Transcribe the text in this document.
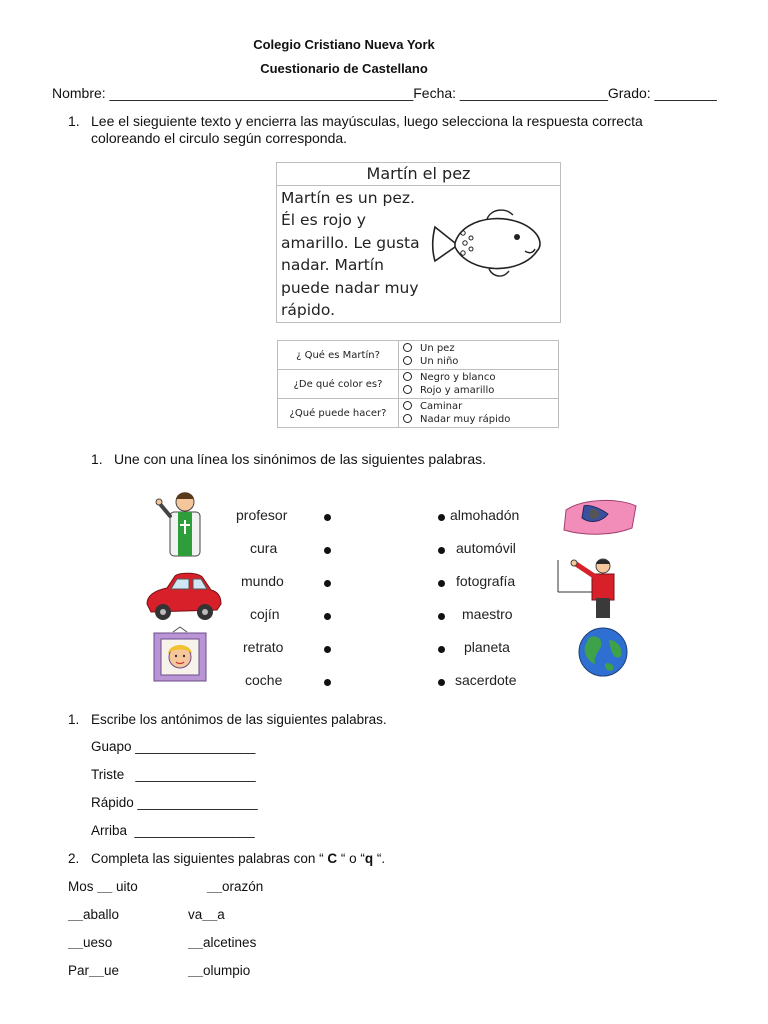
Colegio Cristiano Nueva York
Cuestionario de Castellano
Nombre: _______________________________________Fecha: ___________________Grado: ________
1. Lee el sieguiente texto y encierra las mayúsculas, luego selecciona la respuesta correcta
coloreando el circulo según corresponda.
Martín el pez
Martín es un pez.
Él es rojo y
amarillo. Le gusta
nadar. Martín
puede nadar muy
rápido.
¿ Qué es Martín?	Un pez
Un niño

¿De qué color es?	Negro y blanco
Rojo y amarillo

¿Qué puede hacer?	Caminar
Nadar muy rápido
1. Une con una línea los sinónimos de las siguientes palabras.
profesor
cura
mundo
cojín
retrato
coche
almohadón
automóvil
fotografía
maestro
planeta
sacerdote
1. Escribe los antónimos de las siguientes palabras.
Guapo ________________
Triste   ________________
Rápido ________________
Arriba  ________________
2. Completa las siguientes palabras con “ C “ o “q “.
Mos __ uito	__orazón
__aballo	va__a
__ueso	__alcetines
Par__ue	__olumpio
